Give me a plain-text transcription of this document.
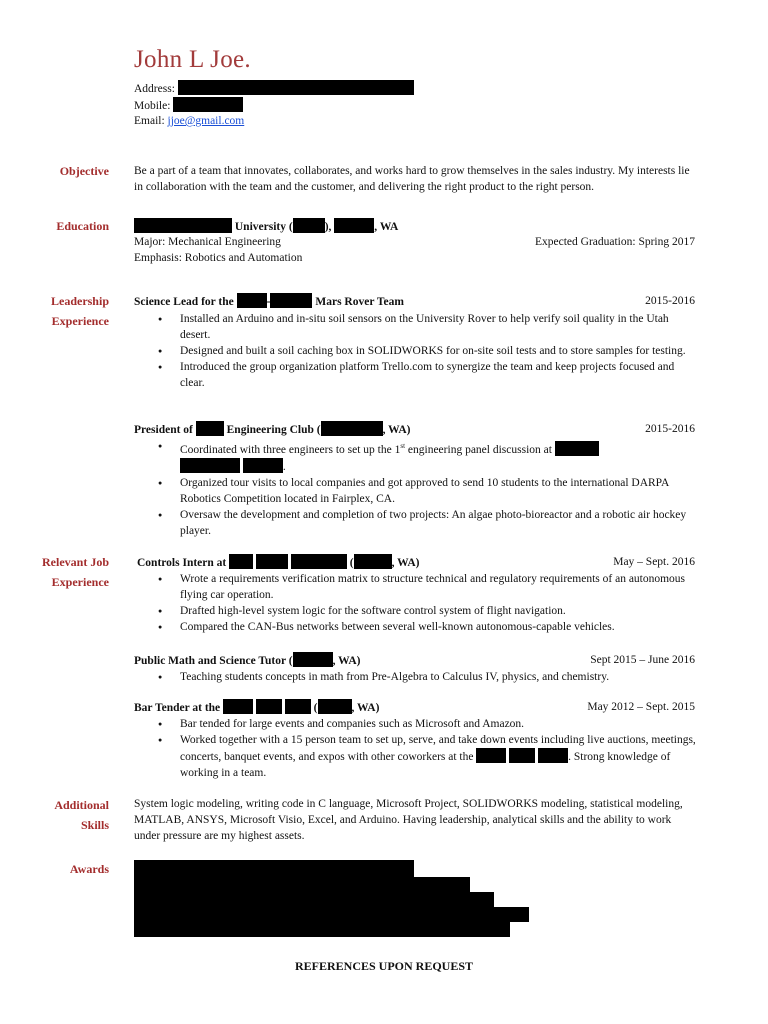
John L Joe.
Address:
Mobile:
Email: jjoe@gmail.com
Objective Be a part of a team that innovates, collaborates, and works hard to grow themselves in the sales industry. My interests lie in collaboration with the team and the customer, and delivering the right product to the right person.
Education	University (	),	, WA
Major: Mechanical Engineering	Expected Graduation: Spring 2017
Emphasis: Robotics and Automation
Leadership
Experience
Science Lead for the	-	Mars Rover Team	2015-2016
● Installed an Arduino and in-situ soil sensors on the University Rover to help verify soil quality in the Utah desert.
● Designed and built a soil caching box in SOLIDWORKS for on-site soil tests and to store samples for testing.
● Introduced the group organization platform Trello.com to synergize the team and keep projects focused and clear.
President of	Engineering Club (	, WA)	2015-2016
● Coordinated with three engineers to set up the 1st engineering panel discussion at
.
● Organized tour visits to local companies and got approved to send 10 students to the international DARPA Robotics Competition located in Fairplex, CA.
● Oversaw the development and completion of two projects: An algae photo-bioreactor and a robotic air hockey player.
Relevant Job
Experience
Controls Intern at	(	, WA)	May – Sept. 2016
● Wrote a requirements verification matrix to structure technical and regulatory requirements of an autonomous flying car operation.
● Drafted high-level system logic for the software control system of flight navigation.
● Compared the CAN-Bus networks between several well-known autonomous-capable vehicles.
Public Math and Science Tutor (	, WA)	Sept 2015 – June 2016
● Teaching students concepts in math from Pre-Algebra to Calculus IV, physics, and chemistry.
Bar Tender at the	(	, WA)	May 2012 – Sept. 2015
● Bar tended for large events and companies such as Microsoft and Amazon.
● Worked together with a 15 person team to set up, serve, and take down events including live auctions, meetings, concerts, banquet events, and expos with other coworkers at the	. Strong knowledge of working in a team.
Additional
Skills
System logic modeling, writing code in C language, Microsoft Project, SOLIDWORKS modeling, statistical modeling, MATLAB, ANSYS, Microsoft Visio, Excel, and Arduino. Having leadership, analytical skills and the ability to work under pressure are my highest assets.
Awards
REFERENCES UPON REQUEST
